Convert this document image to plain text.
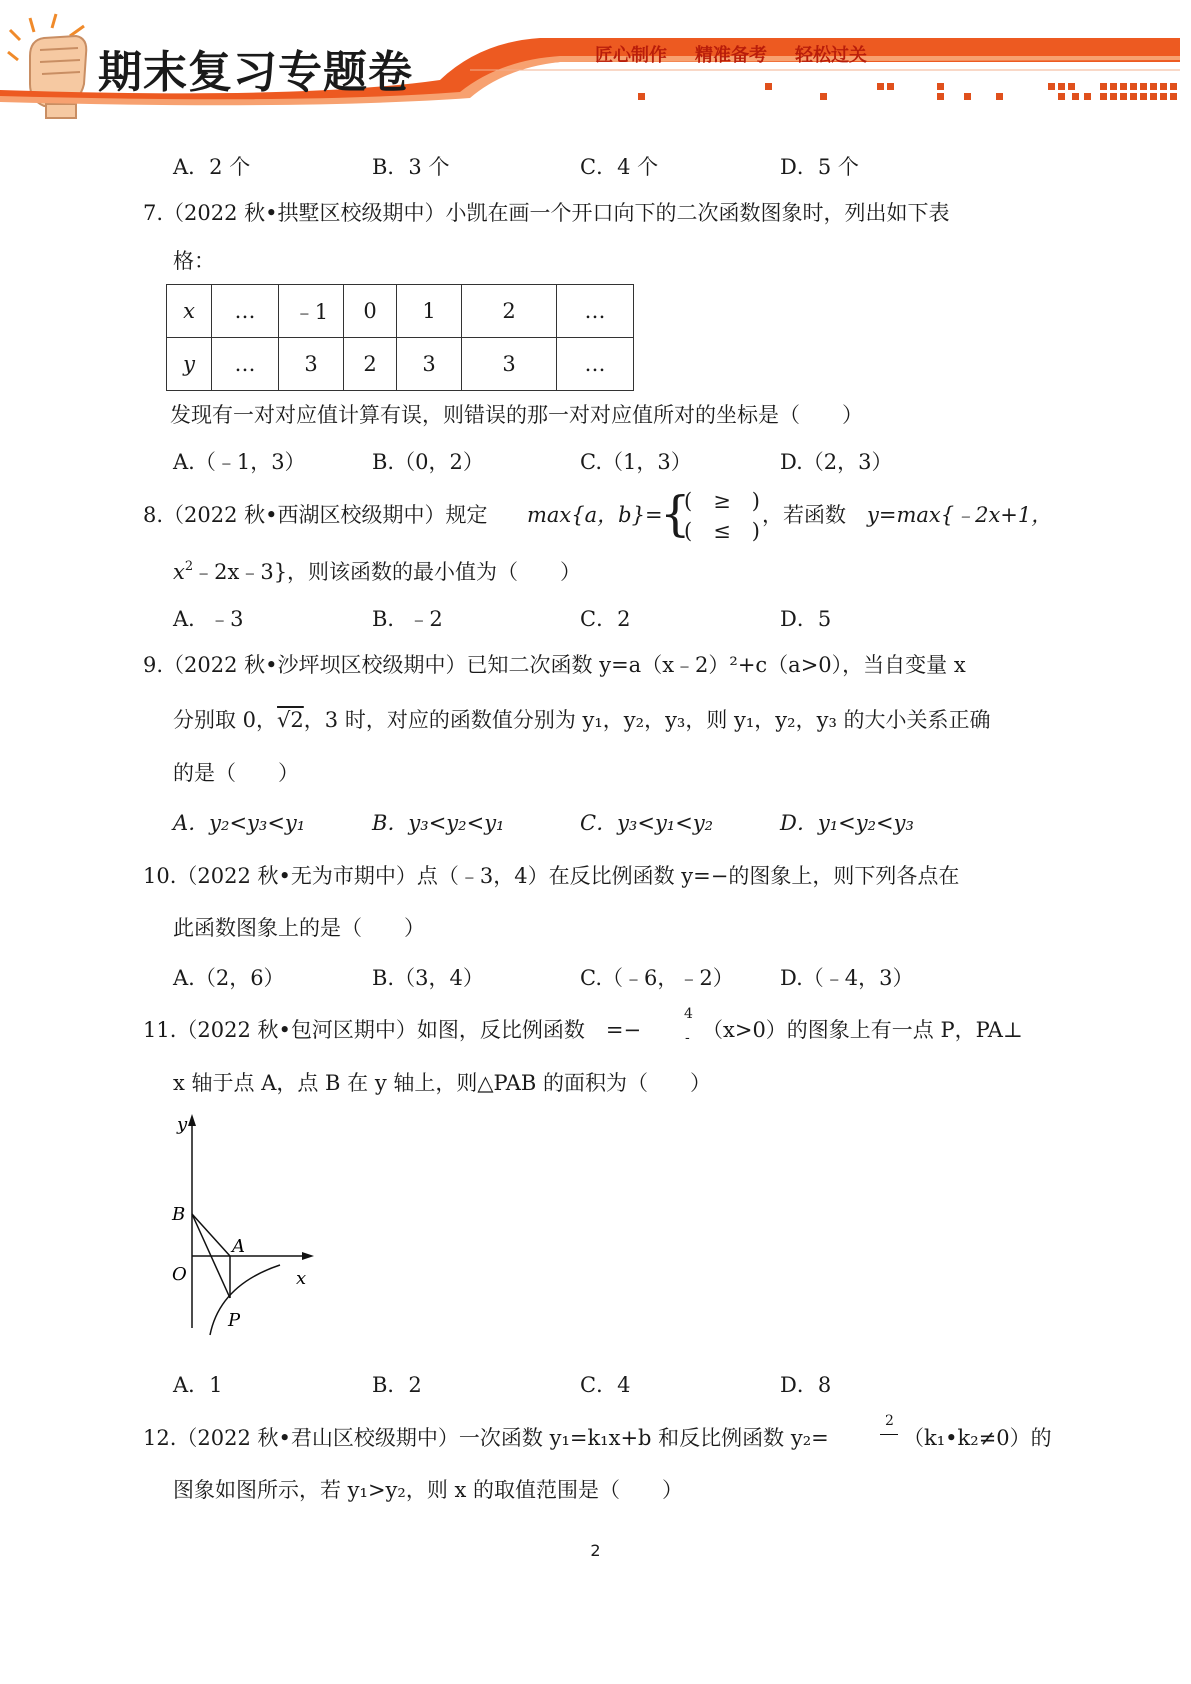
期末复习专题卷	匠心制作 精准备考 轻松过关
A．2 个	B．3 个	C．4 个	D．5 个
7.（2022 秋•拱墅区校级期中）小凯在画一个开口向下的二次函数图象时，列出如下表
格：
x	…	﹣1	0	1	2	…
y	…	3	2	3	3	…
发现有一对对应值计算有误，则错误的那一对对应值所对的坐标是（　　）
A.（﹣1，3）	B.（0，2）	C.（1，3）	D.（2，3）
8.（2022 秋•西湖区校级期中）规定 max{a，b}=
{
(　≥　)
(　≤　)
，若函数 y=max{﹣2x+1，
$x^2﹣2x﹣3$}，则该函数的最小值为（　　）
A．﹣3	B．﹣2	C．2	D．5
9.（2022 秋•沙坪坝区校级期中）已知二次函数 y=a（x﹣2）²+c（a>0），当自变量 x
分别取 0，√2，3 时，对应的函数值分别为 y₁，y₂，y₃，则 y₁，y₂，y₃ 的大小关系正确
的是（　　）
A．y₂<y₃<y₁	B．y₃<y₂<y₁	C．y₃<y₁<y₂	D．y₁<y₂<y₃
10.（2022 秋•无为市期中）点（﹣3，4）在反比例函数 y=−的图象上，则下列各点在
此函数图象上的是（　　）
A.（2，6）	B.（3，4）	C.（﹣6，﹣2） D.（﹣4，3）
11.（2022 秋•包河区期中）如图，反比例函数　=−
4
- （x>0）的图象上有一点 P，PA⊥
x 轴于点 A，点 B 在 y 轴上，则△PAB 的面积为（　　）
y
x
O
A
B
P
A．1	B．2	C．4	D．8
12.（2022 秋•君山区校级期中）一次函数 y₁=k₁x+b 和反比例函数 y₂=
2
（k₁•k₂≠0）的
图象如图所示，若 y₁>y₂，则 x 的取值范围是（　　）
2
